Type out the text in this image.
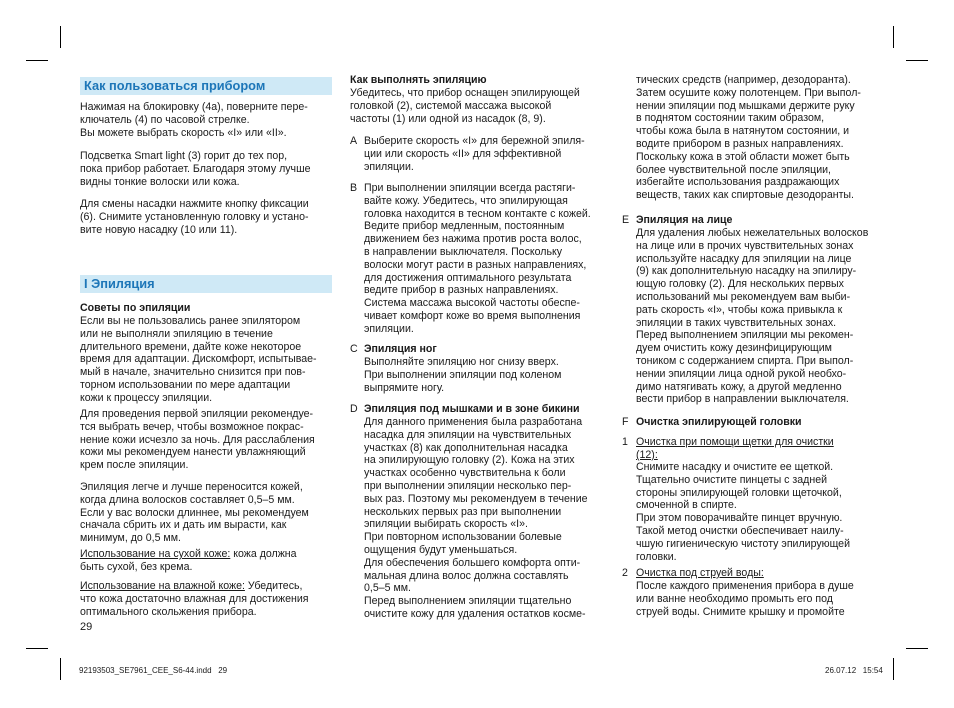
Как пользоваться прибором
Нажимая на блокировку (4a), поверните пере-
ключатель (4) по часовой стрелке.
Вы можете выбрать скорость «I» или «II».
Подсветка Smart light (3) горит до тех пор,
пока прибор работает. Благодаря этому лучше
видны тонкие волоски или кожа.
Для смены насадки нажмите кнопку фиксации
(6). Снимите установленную головку и устано-
вите новую насадку (10 или 11).
I Эпиляция
Советы по эпиляции
Если вы не пользовались ранее эпилятором
или не выполняли эпиляцию в течение
длительного времени, дайте коже некоторое
время для адаптации. Дискомфорт, испытывае-
мый в начале, значительно снизится при пов-
торном использовании по мере адаптации
кожи к процессу эпиляции.
Для проведения первой эпиляции рекомендуе-
тся выбрать вечер, чтобы возможное покрас-
нение кожи исчезло за ночь. Для расслабления
кожи мы рекомендуем нанести увлажняющий
крем после эпиляции.
Эпиляция легче и лучше переносится кожей,
когда длина волосков составляет 0,5–5 мм.
Если у вас волоски длиннее, мы рекомендуем
сначала сбрить их и дать им вырасти, как
минимум, до 0,5 мм.
Использование на сухой коже: кожа должна
быть сухой, без крема.
Использование на влажной коже: Убедитесь,
что кожа достаточно влажная для достижения
оптимального скольжения прибора.
Как выполнять эпиляцию
Убедитесь, что прибор оснащен эпилирующей
головкой (2), системой массажа высокой
частоты (1) или одной из насадок (8, 9).
A Выберите скорость «I» для бережной эпиля-
ции или скорость «II» для эффективной
эпиляции.
B При выполнении эпиляции всегда растяги-
вайте кожу. Убедитесь, что эпилирующая
головка находится в тесном контакте с кожей.
Ведите прибор медленным, постоянным
движением без нажима против роста волос,
в направлении выключателя. Поскольку
волоски могут расти в разных направлениях,
для достижения оптимального результата
ведите прибор в разных направлениях.
Система массажа высокой частоты обеспе-
чивает комфорт коже во время выполнения
эпиляции.
C Эпиляция ног
Выполняйте эпиляцию ног снизу вверх.
При выполнении эпиляции под коленом
выпрямите ногу.
D Эпиляция под мышками и в зоне бикини
Для данного применения была разработана
насадка для эпиляции на чувствительных
участках (8) как дополнительная насадка
на эпилирующую головку (2). Кожа на этих
участках особенно чувствительна к боли
при выполнении эпиляции несколько пер-
вых раз. Поэтому мы рекомендуем в течение
нескольких первых раз при выполнении
эпиляции выбирать скорость «I».
При повторном использовании болевые
ощущения будут уменьшаться.
Для обеспечения большего комфорта опти-
мальная длина волос должна составлять
0,5–5 мм.
Перед выполнением эпиляции тщательно
очистите кожу для удаления остатков косме-
тических средств (например, дезодоранта).
Затем осушите кожу полотенцем. При выпол-
нении эпиляции под мышками держите руку
в поднятом состоянии таким образом,
чтобы кожа была в натянутом состоянии, и
водите прибором в разных направлениях.
Поскольку кожа в этой области может быть
более чувствительной после эпиляции,
избегайте использования раздражающих
веществ, таких как спиртовые дезодоранты.
E Эпиляция на лице
Для удаления любых нежелательных волосков
на лице или в прочих чувствительных зонах
используйте насадку для эпиляции на лице
(9) как дополнительную насадку на эпилиру-
ющую головку (2). Для нескольких первых
использований мы рекомендуем вам выби-
рать скорость «I», чтобы кожа привыкла к
эпиляции в таких чувствительных зонах.
Перед выполнением эпиляции мы рекомен-
дуем очистить кожу дезинфицирующим
тоником с содержанием спирта. При выпол-
нении эпиляции лица одной рукой необхо-
димо натягивать кожу, а другой медленно
вести прибор в направлении выключателя.
F Очистка эпилирующей головки
1 Очистка при помощи щетки для очистки
(12):
Снимите насадку и очистите ее щеткой.
Тщательно очистите пинцеты с задней
стороны эпилирующей головки щеточкой,
смоченной в спирте.
При этом поворачивайте пинцет вручную.
Такой метод очистки обеспечивает наилу-
чшую гигиеническую чистоту эпилирующей
головки.
2 Очистка под струей воды:
После каждого применения прибора в душе
или ванне необходимо промыть его под
струей воды. Снимите крышку и промойте
29
92193503_SE7961_CEE_S6-44.indd   29	26.07.12   15:54
